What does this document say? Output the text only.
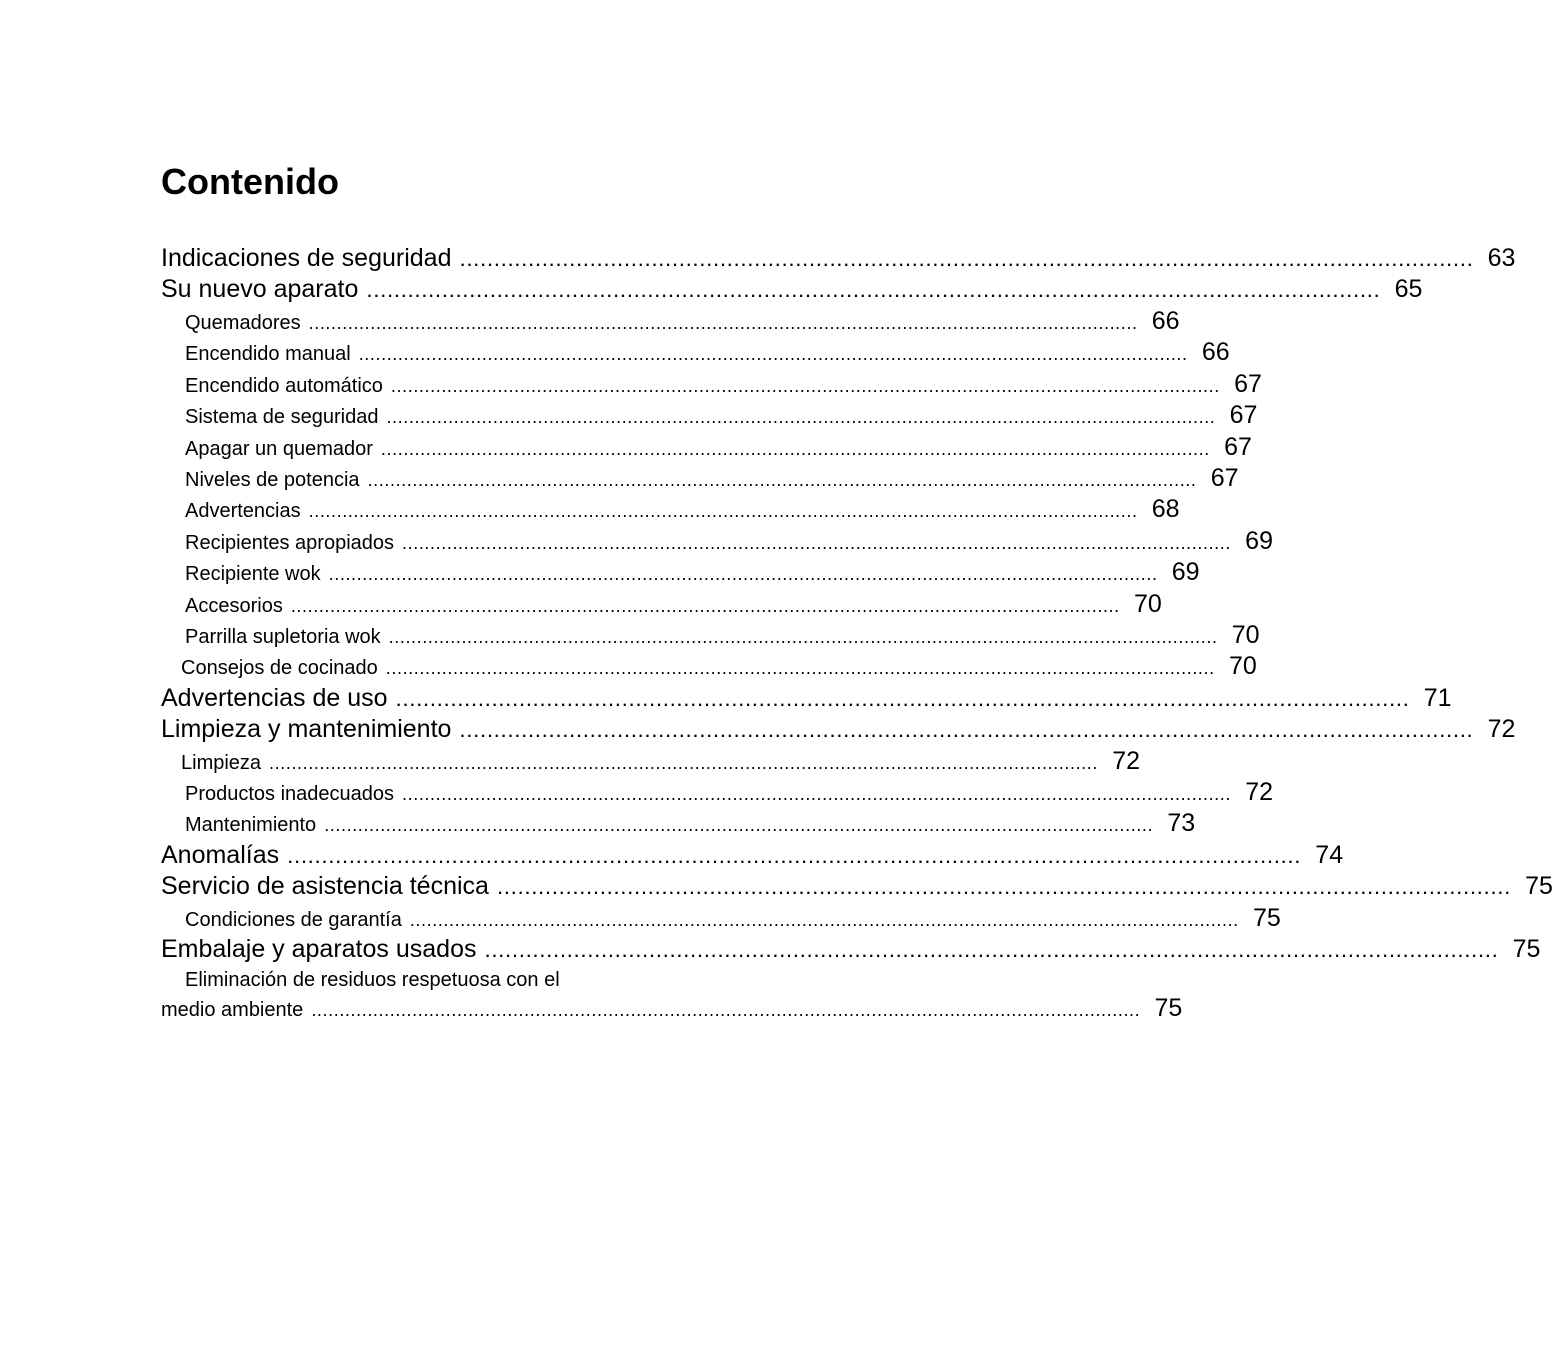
Contenido
Indicaciones de seguridad .................................................................................................................................................... 63
Su nuevo aparato .................................................................................................................................................... 65
Quemadores .................................................................................................................................................... 66
Encendido manual .................................................................................................................................................... 66
Encendido automático .................................................................................................................................................... 67
Sistema de seguridad .................................................................................................................................................... 67
Apagar un quemador .................................................................................................................................................... 67
Niveles de potencia .................................................................................................................................................... 67
Advertencias .................................................................................................................................................... 68
Recipientes apropiados .................................................................................................................................................... 69
Recipiente wok .................................................................................................................................................... 69
Accesorios .................................................................................................................................................... 70
Parrilla supletoria wok .................................................................................................................................................... 70
Consejos de cocinado .................................................................................................................................................... 70
Advertencias de uso .................................................................................................................................................... 71
Limpieza y mantenimiento .................................................................................................................................................... 72
Limpieza .................................................................................................................................................... 72
Productos inadecuados .................................................................................................................................................... 72
Mantenimiento .................................................................................................................................................... 73
Anomalías .................................................................................................................................................... 74
Servicio de asistencia técnica .................................................................................................................................................... 75
Condiciones de garantía .................................................................................................................................................... 75
Embalaje y aparatos usados .................................................................................................................................................... 75
Eliminación de residuos respetuosa con el
medio ambiente .................................................................................................................................................... 75
